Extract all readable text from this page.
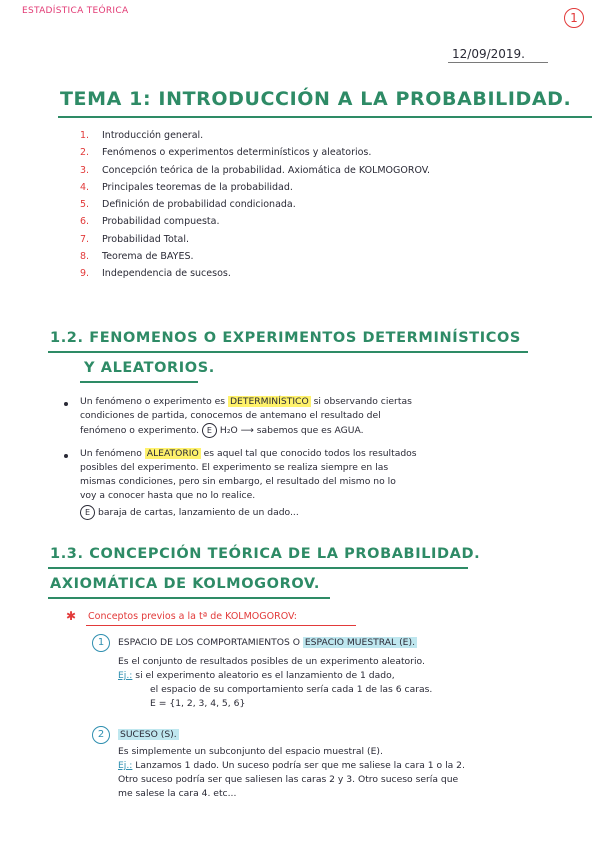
ESTADÍSTICA TEÓRICA	1
12/09/2019.
TEMA 1: INTRODUCCIÓN A LA PROBABILIDAD.
1. Introducción general.
2. Fenómenos o experimentos determinísticos y aleatorios.
3. Concepción teórica de la probabilidad. Axiomática de KOLMOGOROV.
4. Principales teoremas de la probabilidad.
5. Definición de probabilidad condicionada.
6. Probabilidad compuesta.
7. Probabilidad Total.
8. Teorema de BAYES.
9. Independencia de sucesos.
1.2. FENOMENOS O EXPERIMENTOS DETERMINÍSTICOS
Y ALEATORIOS.
Un fenómeno o experimento es DETERMINÍSTICO si observando ciertas
condiciones de partida, conocemos de antemano el resultado del
fenómeno o experimento. E H₂O ⟶ sabemos que es AGUA.
Un fenómeno ALEATORIO es aquel tal que conocido todos los resultados
posibles del experimento. El experimento se realiza siempre en las
mismas condiciones, pero sin embargo, el resultado del mismo no lo
voy a conocer hasta que no lo realice.
E baraja de cartas, lanzamiento de un dado...
1.3. CONCEPCIÓN TEÓRICA DE LA PROBABILIDAD.
AXIOMÁTICA DE KOLMOGOROV.
✱ Conceptos previos a la tª de KOLMOGOROV:
1	ESPACIO DE LOS COMPORTAMIENTOS O ESPACIO MUESTRAL (E).
Es el conjunto de resultados posibles de un experimento aleatorio.
Ej.: si el experimento aleatorio es el lanzamiento de 1 dado,
el espacio de su comportamiento sería cada 1 de las 6 caras.
E = {1, 2, 3, 4, 5, 6}
2	SUCESO (S).
Es simplemente un subconjunto del espacio muestral (E).
Ej.: Lanzamos 1 dado. Un suceso podría ser que me saliese la cara 1 o la 2.
Otro suceso podría ser que saliesen las caras 2 y 3. Otro suceso sería que
me salese la cara 4. etc...
